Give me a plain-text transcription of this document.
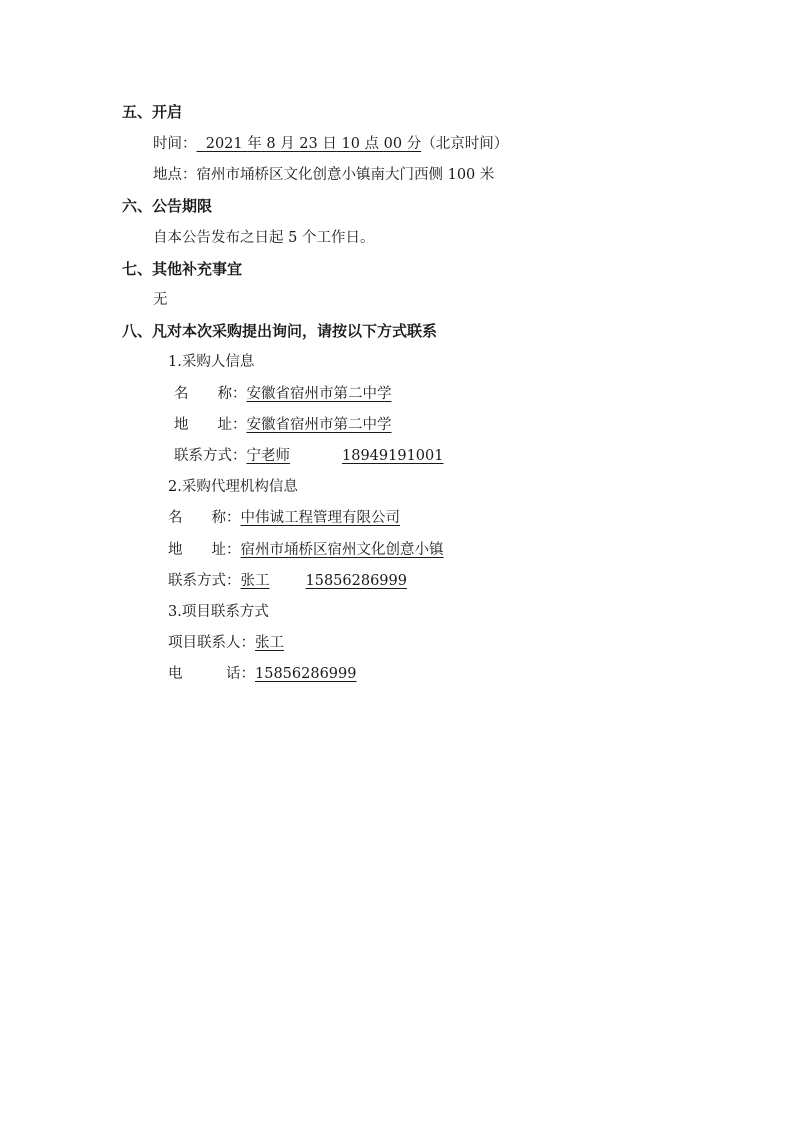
五、开启
时间： 2021 年 8 月 23 日 10 点 00 分（北京时间）
地点：宿州市埇桥区文化创意小镇南大门西侧 100 米
六、公告期限
自本公告发布之日起 5 个工作日。
七、其他补充事宜
无
八、凡对本次采购提出询问，请按以下方式联系
1.采购人信息
名　　称：安徽省宿州市第二中学
地　　址：安徽省宿州市第二中学
联系方式：宁老师	18949191001
2.采购代理机构信息
名　　称：中伟诚工程管理有限公司
地　　址：宿州市埇桥区宿州文化创意小镇
联系方式：张工 15856286999
3.项目联系方式
项目联系人：张工
电　　　话：15856286999
